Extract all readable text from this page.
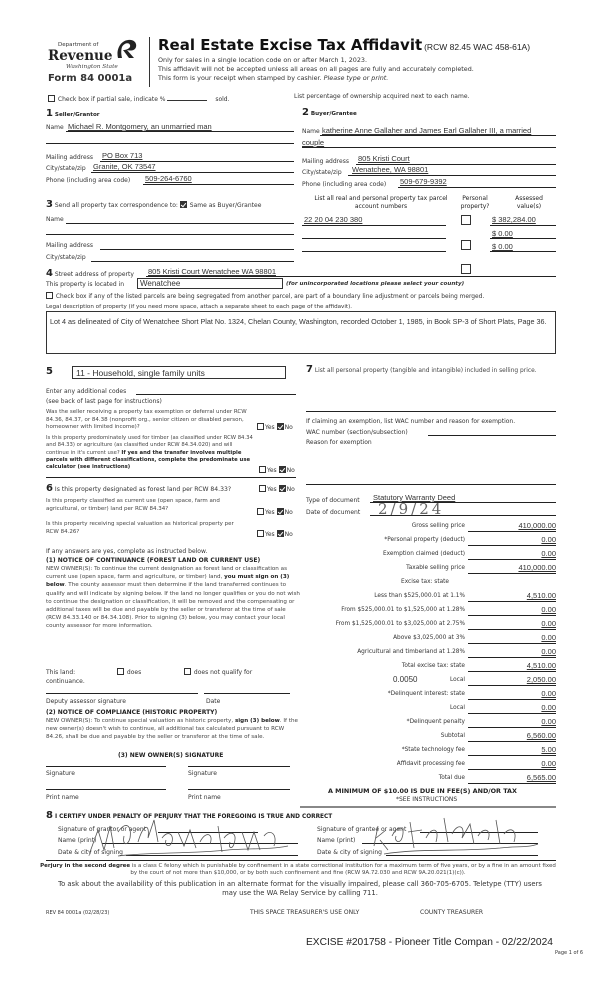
Department of
Revenue
Washington State
Form 84 0001a
Real Estate Excise Tax Affidavit (RCW 82.45 WAC 458-61A)
Only for sales in a single location code on or after March 1, 2023.
This affidavit will not be accepted unless all areas on all pages are fully and accurately completed.
This form is your receipt when stamped by cashier. Please type or print.
Check box if partial sale, indicate %	sold.	List percentage of ownership acquired next to each name.
1 Seller/Grantor
Name Michael R. Montgomery, an unmarried man
Mailing address PO Box 713
City/state/zip Granite, OK 73547
Phone (including area code) 509-264-6760
3 Send all property tax correspondence to: Same as Buyer/Grantee
Name
Mailing address
City/state/zip
2 Buyer/Grantee
Name katherine Anne Gallaher and James Earl Gallaher III, a married
couple
Mailing address 805 Kristi Court
City/state/zip Wenatchee, WA 98801
Phone (including area code) 509-679-9392
List all real and personal property tax parcel account numbers
Personal property?
Assessed value(s)
22 20 04 230 380	$ 382,284.00
$ 0.00
$ 0.00
4 Street address of property 805 Kristi Court Wenatchee WA 98801
This property is located in	Wenatchee	(for unincorporated locations please select your county)
Check box if any of the listed parcels are being segregated from another parcel, are part of a boundary line adjustment or parcels being merged.
Legal description of property (if you need more space, attach a separate sheet to each page of the affidavit).
Lot 4 as delineated of City of Wenatchee Short Plat No. 1324, Chelan County, Washington, recorded October 1, 1985, in Book SP-3 of Short Plats, Page 36.
5	11 - Household, single family units
Enter any additional codes
(see back of last page for instructions)
Was the seller receiving a property tax exemption or deferral under RCW 84.36, 84.37, or 84.38 (nonprofit org., senior citizen or disabled person, homeowner with limited income)?	Yes No
Is this property predominately used for timber (as classified under RCW 84.34 and 84.33) or agriculture (as classified under RCW 84.34.020) and will continue in it's current use? If yes and the transfer involves multiple parcels with different classifications, complete the predominate use calculator (see instructions)	Yes No
6 Is this property designated as forest land per RCW 84.33?	Yes No
Is this property classified as current use (open space, farm and agricultural, or timber) land per RCW 84.34?	Yes No
Is this property receiving special valuation as historical property per RCW 84.26?	Yes No
If any answers are yes, complete as instructed below.
(1) NOTICE OF CONTINUANCE (FOREST LAND OR CURRENT USE)
NEW OWNER(S): To continue the current designation as forest land or classification as current use (open space, farm and agriculture, or timber) land, you must sign on (3) below. The county assessor must then determine if the land transferred continues to qualify and will indicate by signing below. If the land no longer qualifies or you do not wish to continue the designation or classification, it will be removed and the compensating or additional taxes will be due and payable by the seller or transferor at the time of sale (RCW 84.33.140 or 84.34.108). Prior to signing (3) below, you may contact your local county assessor for more information.
This land:	does	does not qualify for
continuance.
Deputy assessor signature	Date
(2) NOTICE OF COMPLIANCE (HISTORIC PROPERTY)
NEW OWNER(S): To continue special valuation as historic property, sign (3) below. If the new owner(s) doesn't wish to continue, all additional tax calculated pursuant to RCW 84.26, shall be due and payable by the seller or transferor at the time of sale.
(3) NEW OWNER(S) SIGNATURE
Signature	Signature
Print name	Print name
7 List all personal property (tangible and intangible) included in selling price.
If claiming an exemption, list WAC number and reason for exemption.
WAC number (section/subsection)
Reason for exemption
Type of document Statutory Warranty Deed
Date of document 2/9/24
Gross selling price	410,000.00
*Personal property (deduct)	0.00
Exemption claimed (deduct)	0.00
Taxable selling price	410,000.00
Excise tax: state
Less than $525,000.01 at 1.1%	4,510.00
From $525,000.01 to $1,525,000 at 1.28%	0.00
From $1,525,000.01 to $3,025,000 at 2.75%	0.00
Above $3,025,000 at 3%	0.00
Agricultural and timberland at 1.28%	0.00
Total excise tax: state	4,510.00
0.0050	Local	2,050.00
*Delinquent interest: state	0.00
Local	0.00
*Delinquent penalty	0.00
Subtotal	6,560.00
*State technology fee	5.00
Affidavit processing fee	0.00
Total due	6,565.00
A MINIMUM OF $10.00 IS DUE IN FEE(S) AND/OR TAX
*SEE INSTRUCTIONS
8 I CERTIFY UNDER PENALTY OF PERJURY THAT THE FOREGOING IS TRUE AND CORRECT
Signature of grantor or agent
Name (print)
Date & city of signing
Signature of grantee or agent
Name (print)
Date & city of signing
Perjury in the second degree is a class C felony which is punishable by confinement in a state correctional institution for a maximum term of five years, or by a fine in an amount fixed by the court of not more than $10,000, or by both such confinement and fine (RCW 9A.72.030 and RCW 9A.20.021(1)(c)).
To ask about the availability of this publication in an alternate format for the visually impaired, please call 360-705-6705. Teletype (TTY) users may use the WA Relay Service by calling 711.
REV 84 0001a (02/28/23)	THIS SPACE TREASURER'S USE ONLY	COUNTY TREASURER
EXCISE #201758 - Pioneer Title Compan - 02/22/2024
Page 1 of 6
